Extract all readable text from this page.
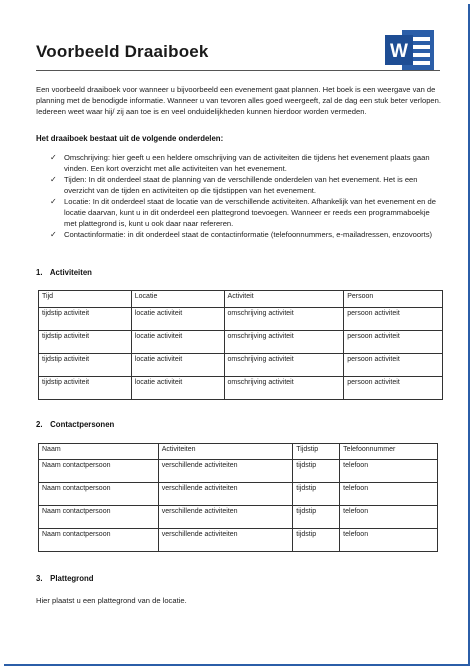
Voorbeeld Draaiboek	W
Een voorbeeld draaiboek voor wanneer u bijvoorbeeld een evenement gaat plannen. Het boek is een weergave van de planning met de benodigde informatie. Wanneer u van tevoren alles goed weergeeft, zal de dag een stuk beter verlopen. Iedereen weet waar hij/ zij aan toe is en veel onduidelijkheden kunnen hierdoor worden vermeden.
Het draaiboek bestaat uit de volgende onderdelen:
✓ Omschrijving: hier geeft u een heldere omschrijving van de activiteiten die tijdens het evenement plaats gaan vinden. Een kort overzicht met alle activiteiten van het evenement.
✓ Tijden: In dit onderdeel staat de planning van de verschillende onderdelen van het evenement. Het is een overzicht van de tijden en activiteiten op die tijdstippen van het evenement.
✓ Locatie: In dit onderdeel staat de locatie van de verschillende activiteiten. Afhankelijk van het evenement en de locatie daarvan, kunt u in dit onderdeel een plattegrond toevoegen. Wanneer er reeds een programmaboekje met plattegrond is, kunt u ook daar naar refereren.
✓ Contactinformatie: in dit onderdeel staat de contactinformatie (telefoonnummers, e-mailadressen, enzovoorts)
1. Activiteiten
Tijd	Locatie	Activiteit	Persoon
tijdstip activiteit	locatie activiteit	omschrijving activiteit	persoon activiteit
tijdstip activiteit	locatie activiteit	omschrijving activiteit	persoon activiteit
tijdstip activiteit	locatie activiteit	omschrijving activiteit	persoon activiteit
tijdstip activiteit	locatie activiteit	omschrijving activiteit	persoon activiteit
2. Contactpersonen
Naam	Activiteiten	Tijdstip	Telefoonnummer
Naam contactpersoon	verschillende activiteiten	tijdstip	telefoon
Naam contactpersoon	verschillende activiteiten	tijdstip	telefoon
Naam contactpersoon	verschillende activiteiten	tijdstip	telefoon
Naam contactpersoon	verschillende activiteiten	tijdstip	telefoon
3. Plattegrond
Hier plaatst u een plattegrond van de locatie.
